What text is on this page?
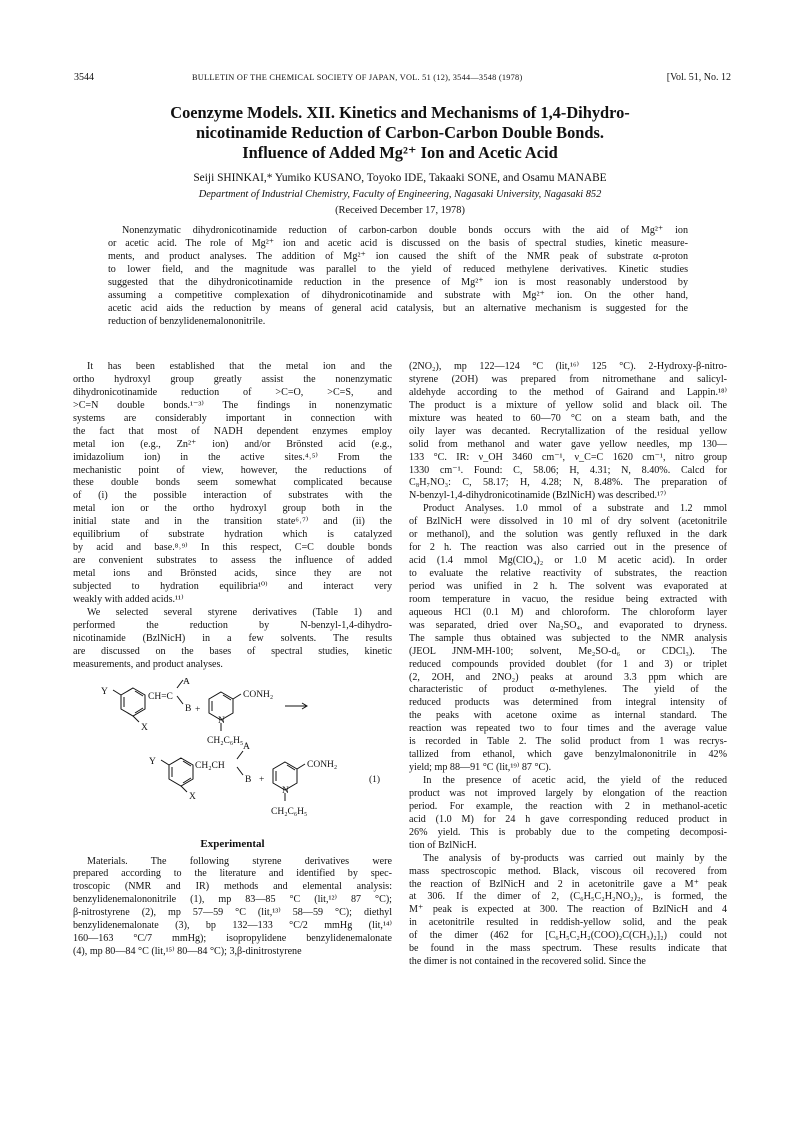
3544	BULLETIN OF THE CHEMICAL SOCIETY OF JAPAN, VOL. 51 (12), 3544—3548 (1978)	[Vol. 51, No. 12
Coenzyme Models. XII. Kinetics and Mechanisms of 1,4-Dihydro-
nicotinamide Reduction of Carbon-Carbon Double Bonds.
Influence of Added Mg²⁺ Ion and Acetic Acid
Seiji SHINKAI,* Yumiko KUSANO, Toyoko IDE, Takaaki SONE, and Osamu MANABE
Department of Industrial Chemistry, Faculty of Engineering, Nagasaki University, Nagasaki 852
(Received December 17, 1978)
Nonenzymatic dihydronicotinamide reduction of carbon-carbon double bonds occurs with the aid of Mg²⁺ ion
or acetic acid. The role of Mg²⁺ ion and acetic acid is discussed on the basis of spectral studies, kinetic measure-
ments, and product analyses. The addition of Mg²⁺ ion caused the shift of the NMR peak of substrate α-proton
to lower field, and the magnitude was parallel to the yield of reduced methylene derivatives. Kinetic studies
suggested that the dihydronicotinamide reduction in the presence of Mg²⁺ ion is most reasonably understood by
assuming a competitive complexation of dihydronicotinamide and substrate with Mg²⁺ ion. On the other hand,
acetic acid aids the reduction by means of general acid catalysis, but an alternative mechanism is suggested for the
reduction of benzylidenemalononitrile.
It has been established that the metal ion and the
ortho hydroxyl group greatly assist the nonenzymatic
dihydronicotinamide reduction of >C=O, >C=S, and
>C=N double bonds.¹⁻³⁾ The findings in nonenzymatic
systems are considerably important in connection with
the fact that most of NADH dependent enzymes employ
metal ion (e.g., Zn²⁺ ion) and/or Brönsted acid (e.g.,
imidazolium ion) in the active sites.⁴˒⁵⁾ From the
mechanistic point of view, however, the reductions of
these double bonds seem somewhat complicated because
of (i) the possible interaction of substrates with the
metal ion or the ortho hydroxyl group both in the
initial state and in the transition state⁶˒⁷⁾ and (ii) the
equilibrium of substrate hydration which is catalyzed
by acid and base.⁸˒⁹⁾ In this respect, C=C double bonds
are convenient substrates to assess the influence of added
metal ions and Brönsted acids, since they are not
subjected to hydration equilibria¹⁰⁾ and interact very
weakly with added acids.¹¹⁾
We selected several styrene derivatives (Table 1) and
performed the reduction by N-benzyl-1,4-dihydro-
nicotinamide (BzlNicH) in a few solvents. The results
are discussed on the bases of spectral studies, kinetic
measurements, and product analyses.
Y
X
CH=C
A
B +
CONH₂
N
CH₂C₆H₅
Y
X
CH₂CH
A
B +
CONH₂
N
CH₂C₆H₅
(1)
Experimental
Materials. The following styrene derivatives were
prepared according to the literature and identified by spec-
troscopic (NMR and IR) methods and elemental analysis:
benzylidenemalononitrile (1), mp 83—85 °C (lit,¹²⁾ 87 °C);
β-nitrostyrene (2), mp 57—59 °C (lit,¹³⁾ 58—59 °C); diethyl
benzylidenemalonate (3), bp 132—133 °C/2 mmHg (lit,¹⁴⁾
160—163 °C/7 mmHg); isopropylidene benzylidenemalonate
(4), mp 80—84 °C (lit,¹⁵⁾ 80—84 °C); 3,β-dinitrostyrene
(2NO₂), mp 122—124 °C (lit,¹⁶⁾ 125 °C). 2-Hydroxy-β-nitro-
styrene (2OH) was prepared from nitromethane and salicyl-
aldehyde according to the method of Gairand and Lappin.¹⁸⁾
The product is a mixture of yellow solid and black oil. The
mixture was heated to 60—70 °C on a steam bath, and the
oily layer was decanted. Recrytallization of the residual yellow
solid from methanol and water gave yellow needles, mp 130—
133 °C. IR: ν_OH 3460 cm⁻¹, ν_C=C 1620 cm⁻¹, nitro group
1330 cm⁻¹. Found: C, 58.06; H, 4.31; N, 8.40%. Calcd for
C₈H₇NO₃: C, 58.17; H, 4.28; N, 8.48%. The preparation of
N-benzyl-1,4-dihydronicotinamide (BzlNicH) was described.¹⁷⁾
Product Analyses. 1.0 mmol of a substrate and 1.2 mmol
of BzlNicH were dissolved in 10 ml of dry solvent (acetonitrile
or methanol), and the solution was gently refluxed in the dark
for 2 h. The reaction was also carried out in the presence of
acid (1.4 mmol Mg(ClO₄)₂ or 1.0 M acetic acid). In order
to evaluate the relative reactivity of substrates, the reaction
period was unified in 2 h. The solvent was evaporated at
room temperature in vacuo, the residue being extracted with
aqueous HCl (0.1 M) and chloroform. The chloroform layer
was separated, dried over Na₂SO₄, and evaporated to dryness.
The sample thus obtained was subjected to the NMR analysis
(JEOL JNM-MH-100; solvent, Me₂SO-d₆ or CDCl₃). The
reduced compounds provided doublet (for 1 and 3) or triplet
(2, 2OH, and 2NO₂) peaks at around 3.3 ppm which are
characteristic of product α-methylenes. The yield of the
reduced products was determined from integral intensity of
the peaks with acetone oxime as internal standard. The
reaction was repeated two to four times and the average value
is recorded in Table 2. The solid product from 1 was recrys-
tallized from ethanol, which gave benzylmalononitrile in 42%
yield; mp 88—91 °C (lit,¹⁹⁾ 87 °C).
In the presence of acetic acid, the yield of the reduced
product was not improved largely by elongation of the reaction
period. For example, the reaction with 2 in methanol-acetic
acid (1.0 M) for 24 h gave corresponding reduced product in
26% yield. This is probably due to the competing decomposi-
tion of BzlNicH.
The analysis of by-products was carried out mainly by the
mass spectroscopic method. Black, viscous oil recovered from
the reaction of BzlNicH and 2 in acetonitrile gave a M⁺ peak
at 306. If the dimer of 2, (C₆H₅C₂H₂NO₂)₂, is formed, the
M⁺ peak is expected at 300. The reaction of BzlNicH and 4
in acetonitrile resulted in reddish-yellow solid, and the peak
of the dimer (462 for [C₆H₅C₂H₂(COO)₂C(CH₃)₂]₂) could not
be found in the mass spectrum. These results indicate that
the dimer is not contained in the recovered solid. Since the
